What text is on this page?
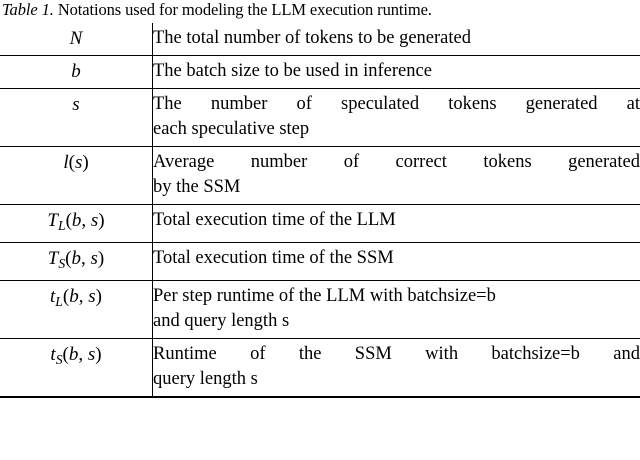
Table 1. Notations used for modeling the LLM execution runtime.
N	The total number of tokens to be generated
b	The batch size to be used in inference
s	The number of speculated tokens generated at
each speculative step

l(s)	Average number of correct tokens generated
by the SSM

$T_L(b$, s)	Total execution time of the LLM
$T_S(b$, s)	Total execution time of the SSM
$t_L(b$, s)	Per step runtime of the LLM with batchsize=b
and query length s

$t_S(b$, s)	Runtime of the SSM with batchsize=b and
query length s
